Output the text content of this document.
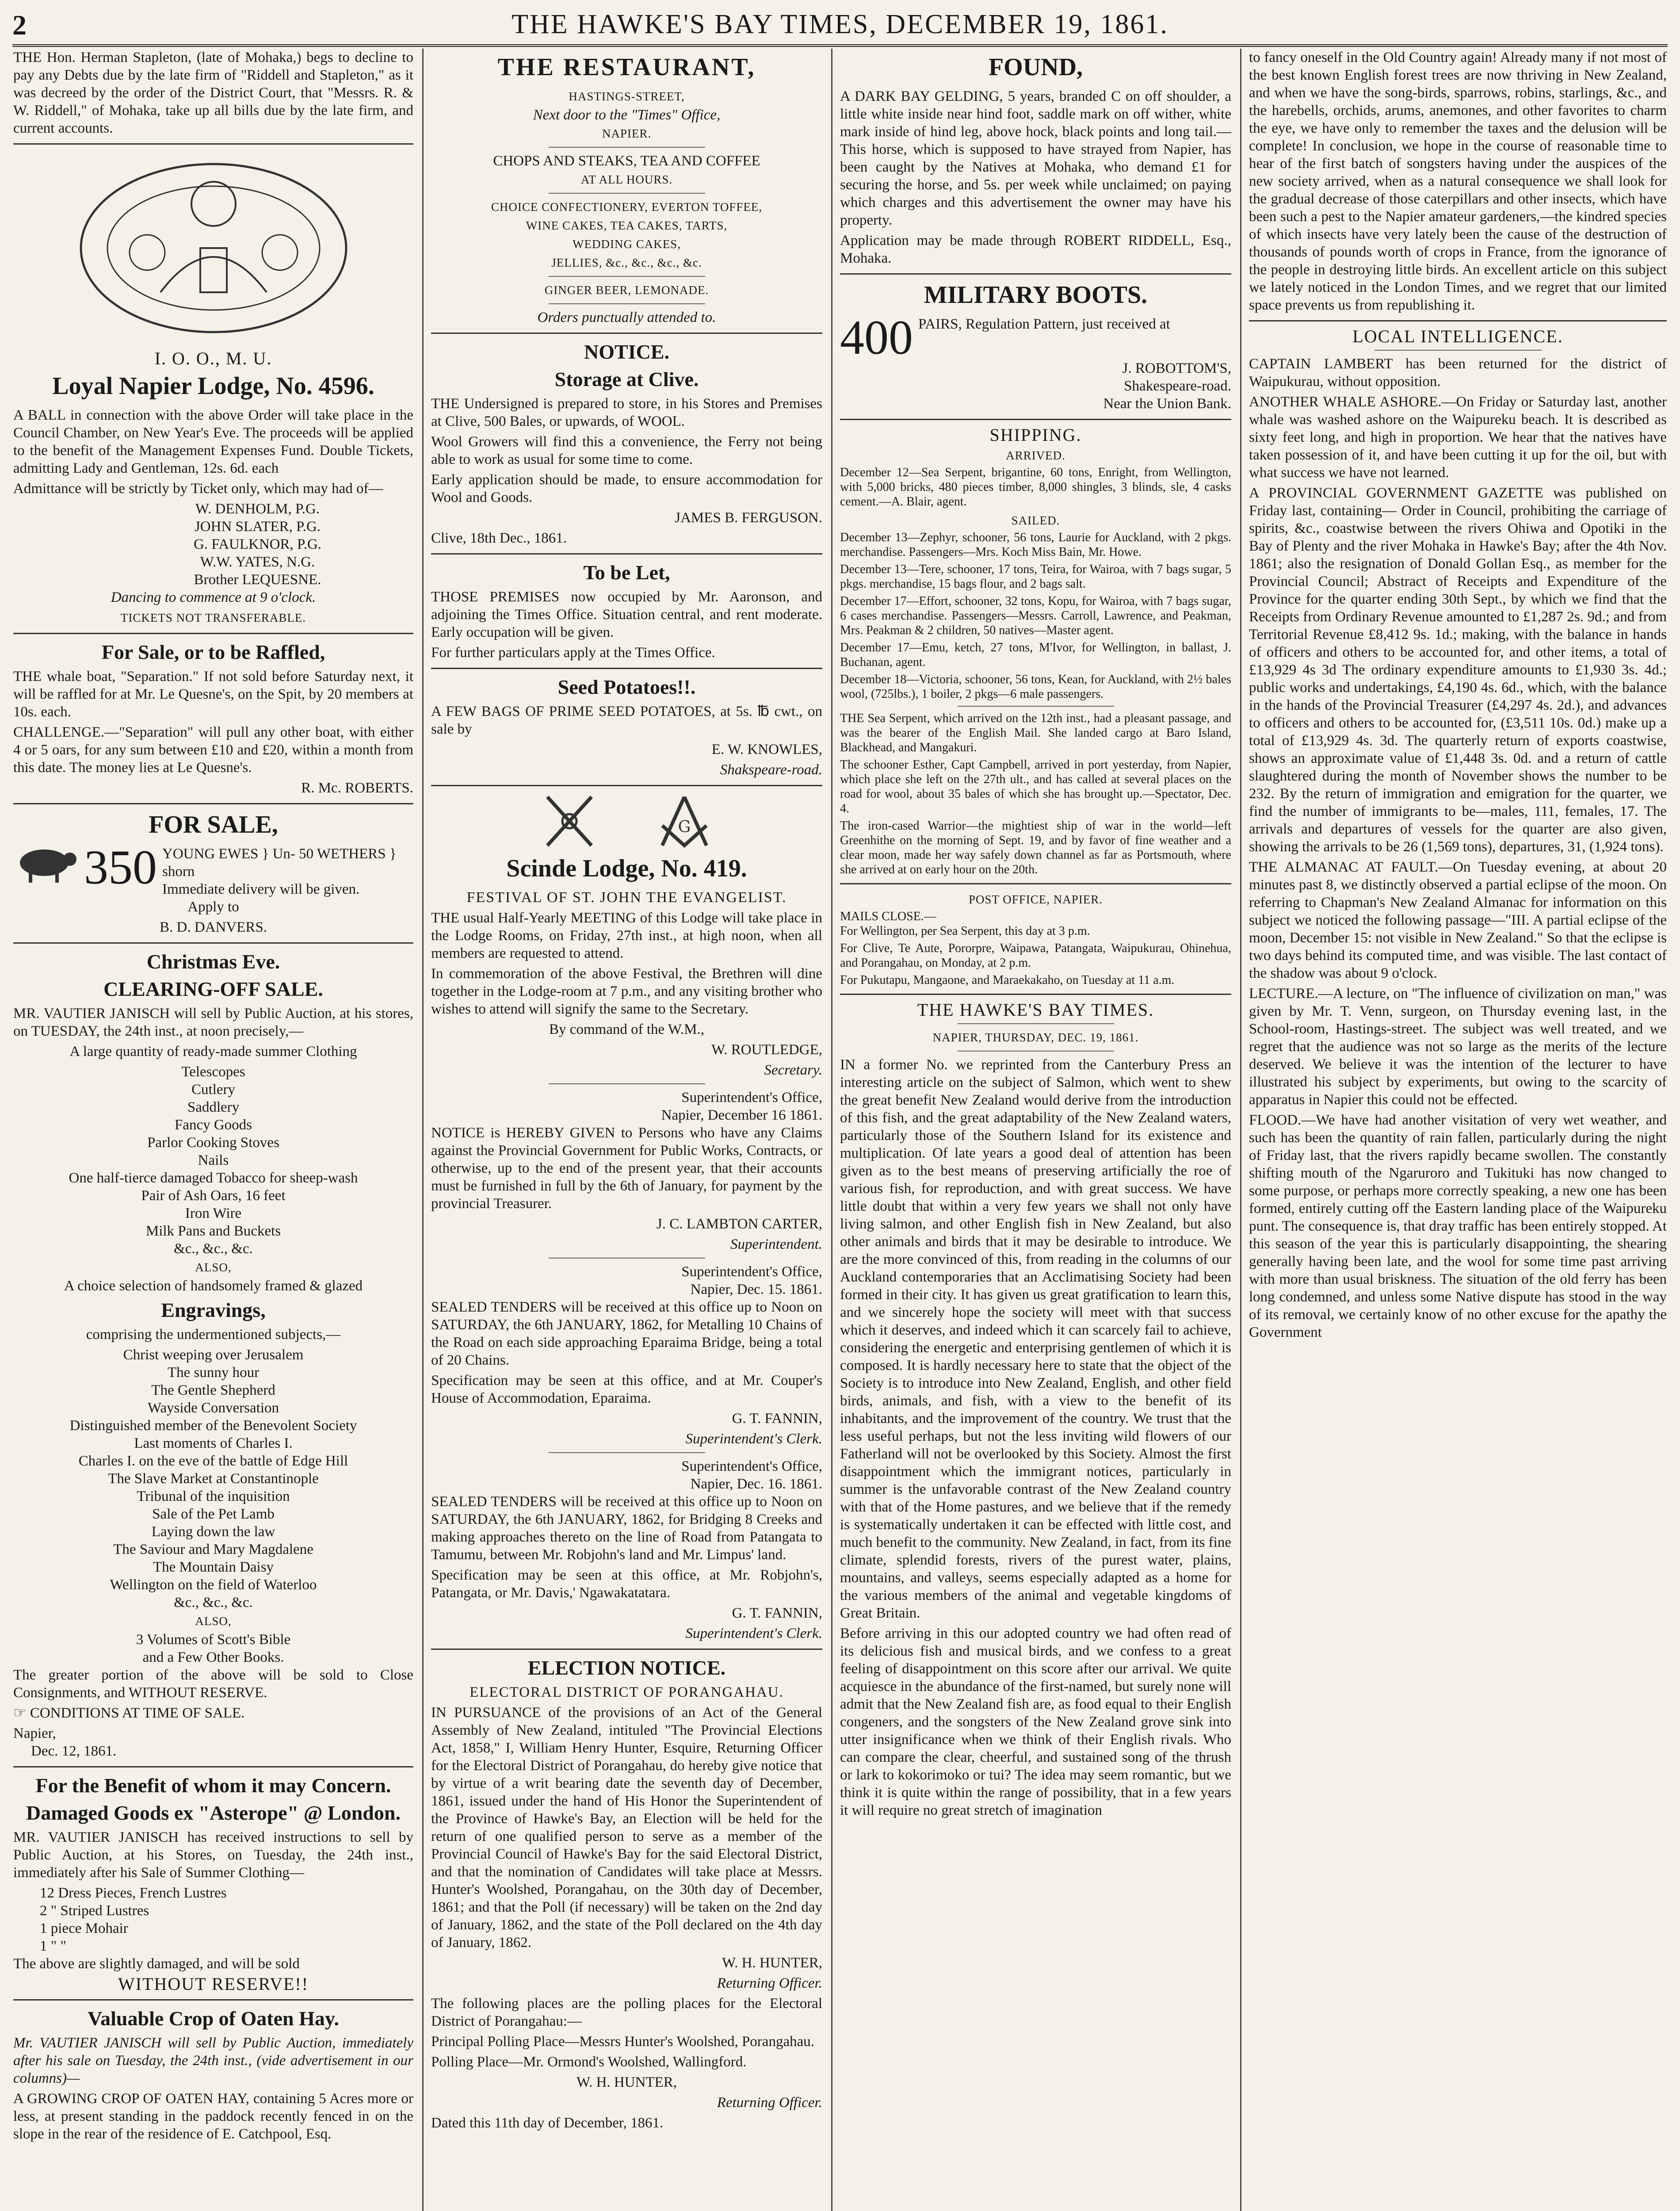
2	THE HAWKE'S BAY TIMES, DECEMBER 19, 1861.

THE Hon. Herman Stapleton, (late of Mohaka,) begs to decline to pay any Debts due by the late firm of "Riddell and Stapleton," as it was decreed by the order of the District Court, that "Messrs. R. & W. Riddell," of Mohaka, take up all bills due by the late firm, and current accounts.

I. O. O., M. U.
Loyal Napier Lodge, No. 4596.

A BALL in connection with the above Order will take place in the Council Chamber, on New Year's Eve. The proceeds will be applied to the benefit of the Management Expenses Fund. Double Tickets, admitting Lady and Gentleman, 12s. 6d. each

Admittance will be strictly by Ticket only, which may had of—

W. DENHOLM, P.G.
JOHN SLATER, P.G.
G. FAULKNOR, P.G.
W.W. YATES, N.G.
Brother LEQUESNE.

Dancing to commence at 9 o'clock.

TICKETS NOT TRANSFERABLE.
For Sale, or to be Raffled,

THE whale boat, "Separation." If not sold before Saturday next, it will be raffled for at Mr. Le Quesne's, on the Spit, by 20 members at 10s. each.

CHALLENGE.—"Separation" will pull any other boat, with either 4 or 5 oars, for any sum between £10 and £20, within a month from this date. The money lies at Le Quesne's.

R. Mc. ROBERTS.

FOR SALE,
350 YOUNG EWES } Un- 50 WETHERS } shorn
Immediate delivery will be given.

Apply to

B. D. DANVERS.

Christmas Eve.
CLEARING-OFF SALE.

MR. VAUTIER JANISCH will sell by Public Auction, at his stores, on TUESDAY, the 24th inst., at noon precisely,—

A large quantity of ready-made summer Clothing

Telescopes
Cutlery
Saddlery
Fancy Goods
Parlor Cooking Stoves
Nails
One half-tierce damaged Tobacco for sheep-wash
Pair of Ash Oars, 16 feet
Iron Wire
Milk Pans and Buckets
&c., &c., &c.
ALSO,

A choice selection of handsomely framed & glazed

Engravings,

comprising the undermentioned subjects,—

Christ weeping over Jerusalem
The sunny hour
The Gentle Shepherd
Wayside Conversation
Distinguished member of the Benevolent Society
Last moments of Charles I.
Charles I. on the eve of the battle of Edge Hill
The Slave Market at Constantinople
Tribunal of the inquisition
Sale of the Pet Lamb
Laying down the law
The Saviour and Mary Magdalene
The Mountain Daisy
Wellington on the field of Waterloo
&c., &c., &c.
ALSO,
3 Volumes of Scott's Bible
and a Few Other Books.

The greater portion of the above will be sold to Close Consignments, and WITHOUT RESERVE.

☞ CONDITIONS AT TIME OF SALE.

Napier,
Dec. 12, 1861.
For the Benefit of whom it may Concern.
Damaged Goods ex "Asterope" @ London.

MR. VAUTIER JANISCH has received instructions to sell by Public Auction, at his Stores, on Tuesday, the 24th inst., immediately after his Sale of Summer Clothing—

12 Dress Pieces, French Lustres
2 " Striped Lustres
1 piece Mohair
1 " "

The above are slightly damaged, and will be sold

WITHOUT RESERVE!!
Valuable Crop of Oaten Hay.

Mr. VAUTIER JANISCH will sell by Public Auction, immediately after his sale on Tuesday, the 24th inst., (vide advertisement in our columns)—

A GROWING CROP OF OATEN HAY, containing 5 Acres more or less, at present standing in the paddock recently fenced in on the slope in the rear of the residence of E. Catchpool, Esq.

THE RESTAURANT,
HASTINGS-STREET,
Next door to the "Times" Office,
NAPIER.
CHOPS AND STEAKS, TEA AND COFFEE
AT ALL HOURS.
CHOICE CONFECTIONERY, EVERTON TOFFEE,
WINE CAKES, TEA CAKES, TARTS,
WEDDING CAKES,
JELLIES, &c., &c., &c., &c.
GINGER BEER, LEMONADE.
Orders punctually attended to.
NOTICE.
Storage at Clive.

THE Undersigned is prepared to store, in his Stores and Premises at Clive, 500 Bales, or upwards, of WOOL.

Wool Growers will find this a convenience, the Ferry not being able to work as usual for some time to come.

Early application should be made, to ensure accommodation for Wool and Goods.

JAMES B. FERGUSON.

Clive, 18th Dec., 1861.

To be Let,

THOSE PREMISES now occupied by Mr. Aaronson, and adjoining the Times Office. Situation central, and rent moderate. Early occupation will be given.

For further particulars apply at the Times Office.

Seed Potatoes!!.

A FEW BAGS OF PRIME SEED POTATOES, at 5s. ℔ cwt., on sale by

E. W. KNOWLES,

Shakspeare-road.

G
Scinde Lodge, No. 419.
FESTIVAL OF ST. JOHN THE EVANGELIST.

THE usual Half-Yearly MEETING of this Lodge will take place in the Lodge Rooms, on Friday, 27th inst., at high noon, when all members are requested to attend.

In commemoration of the above Festival, the Brethren will dine together in the Lodge-room at 7 p.m., and any visiting brother who wishes to attend will signify the same to the Secretary.

By command of the W.M.,

W. ROUTLEDGE,

Secretary.

Superintendent's Office,
Napier, December 16 1861.

NOTICE is HEREBY GIVEN to Persons who have any Claims against the Provincial Government for Public Works, Contracts, or otherwise, up to the end of the present year, that their accounts must be furnished in full by the 6th of January, for payment by the provincial Treasurer.

J. C. LAMBTON CARTER,

Superintendent.

Superintendent's Office,
Napier, Dec. 15. 1861.

SEALED TENDERS will be received at this office up to Noon on SATURDAY, the 6th JANUARY, 1862, for Metalling 10 Chains of the Road on each side approaching Eparaima Bridge, being a total of 20 Chains.

Specification may be seen at this office, and at Mr. Couper's House of Accommodation, Eparaima.

G. T. FANNIN,

Superintendent's Clerk.

Superintendent's Office,
Napier, Dec. 16. 1861.

SEALED TENDERS will be received at this office up to Noon on SATURDAY, the 6th JANUARY, 1862, for Bridging 8 Creeks and making approaches thereto on the line of Road from Patangata to Tamumu, between Mr. Robjohn's land and Mr. Limpus' land.

Specification may be seen at this office, at Mr. Robjohn's, Patangata, or Mr. Davis,' Ngawakatatara.

G. T. FANNIN,

Superintendent's Clerk.

ELECTION NOTICE.
ELECTORAL DISTRICT OF PORANGAHAU.

IN PURSUANCE of the provisions of an Act of the General Assembly of New Zealand, intituled "The Provincial Elections Act, 1858," I, William Henry Hunter, Esquire, Returning Officer for the Electoral District of Porangahau, do hereby give notice that by virtue of a writ bearing date the seventh day of December, 1861, issued under the hand of His Honor the Superintendent of the Province of Hawke's Bay, an Election will be held for the return of one qualified person to serve as a member of the Provincial Council of Hawke's Bay for the said Electoral District, and that the nomination of Candidates will take place at Messrs. Hunter's Woolshed, Porangahau, on the 30th day of December, 1861; and that the Poll (if necessary) will be taken on the 2nd day of January, 1862, and the state of the Poll declared on the 4th day of January, 1862.

W. H. HUNTER,

Returning Officer.

The following places are the polling places for the Electoral District of Porangahau:—

Principal Polling Place—Messrs Hunter's Woolshed, Porangahau.

Polling Place—Mr. Ormond's Woolshed, Wallingford.

W. H. HUNTER,

Returning Officer.

Dated this 11th day of December, 1861.

FOUND,

A DARK BAY GELDING, 5 years, branded C on off shoulder, a little white inside near hind foot, saddle mark on off wither, white mark inside of hind leg, above hock, black points and long tail.—This horse, which is supposed to have strayed from Napier, has been caught by the Natives at Mohaka, who demand £1 for securing the horse, and 5s. per week while unclaimed; on paying which charges and this advertisement the owner may have his property.

Application may be made through ROBERT RIDDELL, Esq., Mohaka.

MILITARY BOOTS.
400 PAIRS, Regulation Pattern, just received at
J. ROBOTTOM'S,
Shakespeare-road.
Near the Union Bank.
SHIPPING.
ARRIVED.

December 12—Sea Serpent, brigantine, 60 tons, Enright, from Wellington, with 5,000 bricks, 480 pieces timber, 8,000 shingles, 3 blinds, sle, 4 casks cement.—A. Blair, agent.

SAILED.

December 13—Zephyr, schooner, 56 tons, Laurie for Auckland, with 2 pkgs. merchandise. Passengers—Mrs. Koch Miss Bain, Mr. Howe.

December 13—Tere, schooner, 17 tons, Teira, for Wairoa, with 7 bags sugar, 5 pkgs. merchandise, 15 bags flour, and 2 bags salt.

December 17—Effort, schooner, 32 tons, Kopu, for Wairoa, with 7 bags sugar, 6 cases merchandise. Passengers—Messrs. Carroll, Lawrence, and Peakman, Mrs. Peakman & 2 children, 50 natives—Master agent.

December 17—Emu, ketch, 27 tons, M'Ivor, for Wellington, in ballast, J. Buchanan, agent.

December 18—Victoria, schooner, 56 tons, Kean, for Auckland, with 2½ bales wool, (725lbs.), 1 boiler, 2 pkgs—6 male passengers.

THE Sea Serpent, which arrived on the 12th inst., had a pleasant passage, and was the bearer of the English Mail. She landed cargo at Baro Island, Blackhead, and Mangakuri.

The schooner Esther, Capt Campbell, arrived in port yesterday, from Napier, which place she left on the 27th ult., and has called at several places on the road for wool, about 35 bales of which she has brought up.—Spectator, Dec. 4.

The iron-cased Warrior—the mightiest ship of war in the world—left Greenhithe on the morning of Sept. 19, and by favor of fine weather and a clear moon, made her way safely down channel as far as Portsmouth, where she arrived at on early hour on the 20th.

POST OFFICE, NAPIER.
MAILS CLOSE.—

For Wellington, per Sea Serpent, this day at 3 p.m.

For Clive, Te Aute, Pororpre, Waipawa, Patangata, Waipukurau, Ohinehua, and Porangahau, on Monday, at 2 p.m.

For Pukutapu, Mangaone, and Maraekakaho, on Tuesday at 11 a.m.

THE HAWKE'S BAY TIMES.
NAPIER, THURSDAY, DEC. 19, 1861.

IN a former No. we reprinted from the Canterbury Press an interesting article on the subject of Salmon, which went to shew the great benefit New Zealand would derive from the introduction of this fish, and the great adaptability of the New Zealand waters, particularly those of the Southern Island for its existence and multiplication. Of late years a good deal of attention has been given as to the best means of preserving artificially the roe of various fish, for reproduction, and with great success. We have little doubt that within a very few years we shall not only have living salmon, and other English fish in New Zealand, but also other animals and birds that it may be desirable to introduce. We are the more convinced of this, from reading in the columns of our Auckland contemporaries that an Acclimatising Society had been formed in their city. It has given us great gratification to learn this, and we sincerely hope the society will meet with that success which it deserves, and indeed which it can scarcely fail to achieve, considering the energetic and enterprising gentlemen of which it is composed. It is hardly necessary here to state that the object of the Society is to introduce into New Zealand, English, and other field birds, animals, and fish, with a view to the benefit of its inhabitants, and the improvement of the country. We trust that the less useful perhaps, but not the less inviting wild flowers of our Fatherland will not be overlooked by this Society. Almost the first disappointment which the immigrant notices, particularly in summer is the unfavorable contrast of the New Zealand country with that of the Home pastures, and we believe that if the remedy is systematically undertaken it can be effected with little cost, and much benefit to the community. New Zealand, in fact, from its fine climate, splendid forests, rivers of the purest water, plains, mountains, and valleys, seems especially adapted as a home for the various members of the animal and vegetable kingdoms of Great Britain.

Before arriving in this our adopted country we had often read of its delicious fish and musical birds, and we confess to a great feeling of disappointment on this score after our arrival. We quite acquiesce in the abundance of the first-named, but surely none will admit that the New Zealand fish are, as food equal to their English congeners, and the songsters of the New Zealand grove sink into utter insignificance when we think of their English rivals. Who can compare the clear, cheerful, and sustained song of the thrush or lark to kokorimoko or tui? The idea may seem romantic, but we think it is quite within the range of possibility, that in a few years it will require no great stretch of imagination

to fancy oneself in the Old Country again! Already many if not most of the best known English forest trees are now thriving in New Zealand, and when we have the song-birds, sparrows, robins, starlings, &c., and the harebells, orchids, arums, anemones, and other favorites to charm the eye, we have only to remember the taxes and the delusion will be complete! In conclusion, we hope in the course of reasonable time to hear of the first batch of songsters having under the auspices of the new society arrived, when as a natural consequence we shall look for the gradual decrease of those caterpillars and other insects, which have been such a pest to the Napier amateur gardeners,—the kindred species of which insects have very lately been the cause of the destruction of thousands of pounds worth of crops in France, from the ignorance of the people in destroying little birds. An excellent article on this subject we lately noticed in the London Times, and we regret that our limited space prevents us from republishing it.

LOCAL INTELLIGENCE.

CAPTAIN LAMBERT has been returned for the district of Waipukurau, without opposition.

ANOTHER WHALE ASHORE.—On Friday or Saturday last, another whale was washed ashore on the Waipureku beach. It is described as sixty feet long, and high in proportion. We hear that the natives have taken possession of it, and have been cutting it up for the oil, but with what success we have not learned.

A PROVINCIAL GOVERNMENT GAZETTE was published on Friday last, containing— Order in Council, prohibiting the carriage of spirits, &c., coastwise between the rivers Ohiwa and Opotiki in the Bay of Plenty and the river Mohaka in Hawke's Bay; after the 4th Nov. 1861; also the resignation of Donald Gollan Esq., as member for the Provincial Council; Abstract of Receipts and Expenditure of the Province for the quarter ending 30th Sept., by which we find that the Receipts from Ordinary Revenue amounted to £1,287 2s. 9d.; and from Territorial Revenue £8,412 9s. 1d.; making, with the balance in hands of officers and others to be accounted for, and other items, a total of £13,929 4s 3d The ordinary expenditure amounts to £1,930 3s. 4d.; public works and undertakings, £4,190 4s. 6d., which, with the balance in the hands of the Provincial Treasurer (£4,297 4s. 2d.), and advances to officers and others to be accounted for, (£3,511 10s. 0d.) make up a total of £13,929 4s. 3d. The quarterly return of exports coastwise, shows an approximate value of £1,448 3s. 0d. and a return of cattle slaughtered during the month of November shows the number to be 232. By the return of immigration and emigration for the quarter, we find the number of immigrants to be—males, 111, females, 17. The arrivals and departures of vessels for the quarter are also given, showing the arrivals to be 26 (1,569 tons), departures, 31, (1,924 tons).

THE ALMANAC AT FAULT.—On Tuesday evening, at about 20 minutes past 8, we distinctly observed a partial eclipse of the moon. On referring to Chapman's New Zealand Almanac for information on this subject we noticed the following passage—"III. A partial eclipse of the moon, December 15: not visible in New Zealand." So that the eclipse is two days behind its computed time, and was visible. The last contact of the shadow was about 9 o'clock.

LECTURE.—A lecture, on "The influence of civilization on man," was given by Mr. T. Venn, surgeon, on Thursday evening last, in the School-room, Hastings-street. The subject was well treated, and we regret that the audience was not so large as the merits of the lecture deserved. We believe it was the intention of the lecturer to have illustrated his subject by experiments, but owing to the scarcity of apparatus in Napier this could not be effected.

FLOOD.—We have had another visitation of very wet weather, and such has been the quantity of rain fallen, particularly during the night of Friday last, that the rivers rapidly became swollen. The constantly shifting mouth of the Ngaruroro and Tukituki has now changed to some purpose, or perhaps more correctly speaking, a new one has been formed, entirely cutting off the Eastern landing place of the Waipureku punt. The consequence is, that dray traffic has been entirely stopped. At this season of the year this is particularly disappointing, the shearing generally having been late, and the wool for some time past arriving with more than usual briskness. The situation of the old ferry has been long condemned, and unless some Native dispute has stood in the way of its removal, we certainly know of no other excuse for the apathy the Government
